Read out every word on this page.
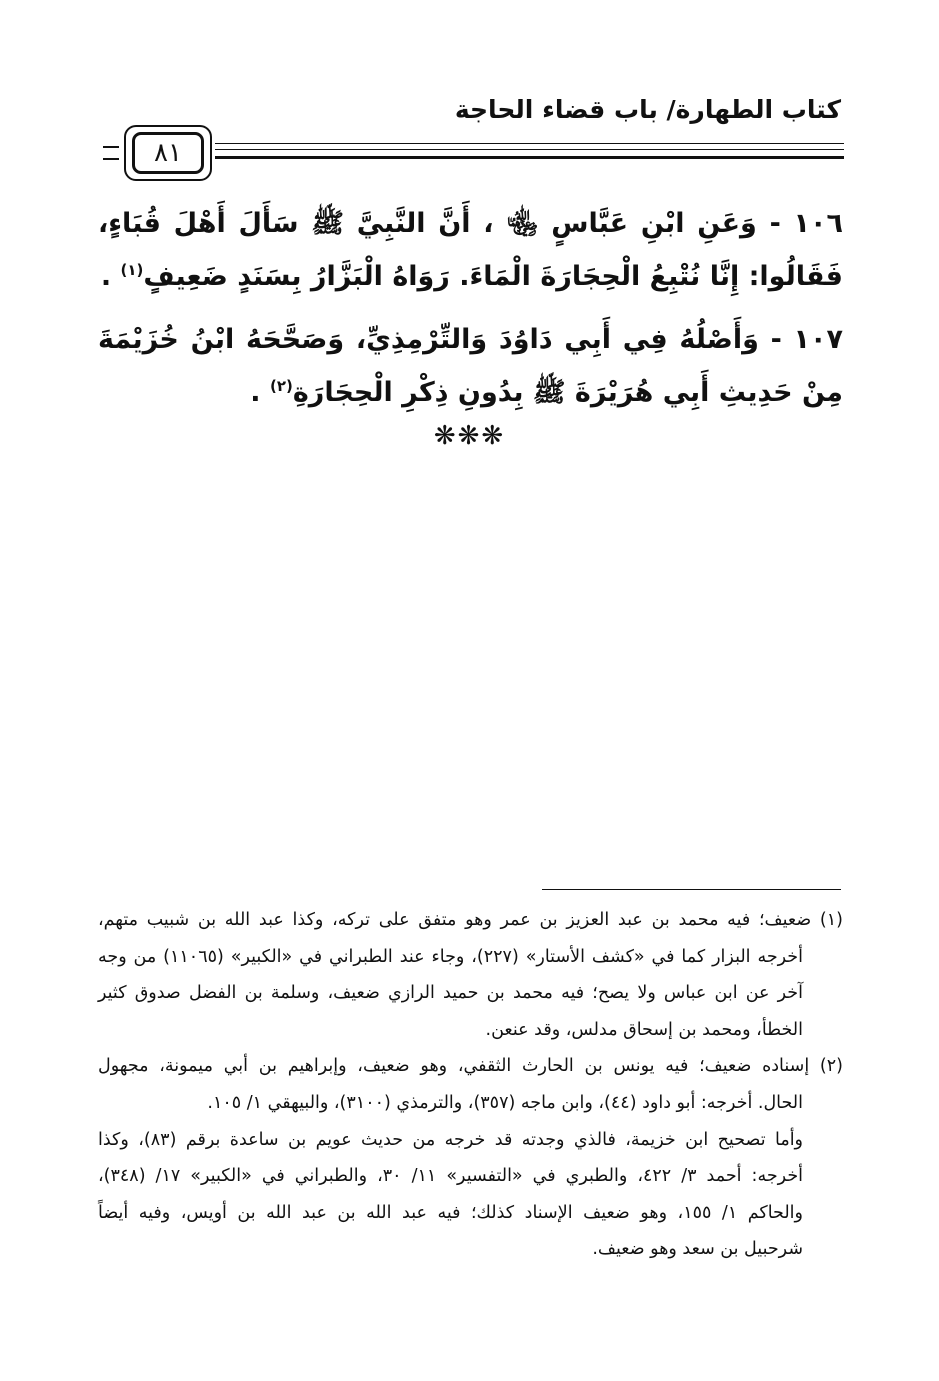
كتاب الطهارة/ باب قضاء الحاجة
٨١

١٠٦ - وَعَنِ ابْنِ عَبَّاسٍ ﵄ ، أَنَّ النَّبِيَّ ﷺ سَأَلَ أَهْلَ قُبَاءٍ، فَقَالُوا: إِنَّا نُتْبِعُ الْحِجَارَةَ الْمَاءَ. رَوَاهُ الْبَزَّارُ بِسَنَدٍ ضَعِيفٍ$^{(١)}$ .

١٠٧ - وَأَصْلُهُ فِي أَبِي دَاوُدَ وَالتِّرْمِذِيِّ، وَصَحَّحَهُ ابْنُ خُزَيْمَةَ مِنْ حَدِيثِ أَبِي هُرَيْرَةَ ﷺ بِدُونِ ذِكْرِ الْحِجَارَةِ$^{(٢)}$ .

❋❋❋
(١) ضعيف؛ فيه محمد بن عبد العزيز بن عمر وهو متفق على تركه، وكذا عبد الله بن شبيب متهم،
أخرجه البزار كما في «كشف الأستار» (٢٢٧)، وجاء عند الطبراني في «الكبير» (١١٠٦٥) من وجه
آخر عن ابن عباس ولا يصح؛ فيه محمد بن حميد الرازي ضعيف، وسلمة بن الفضل صدوق كثير
الخطأ، ومحمد بن إسحاق مدلس، وقد عنعن.
(٢) إسناده ضعيف؛ فيه يونس بن الحارث الثقفي، وهو ضعيف، وإبراهيم بن أبي ميمونة، مجهول
الحال. أخرجه: أبو داود (٤٤)، وابن ماجه (٣٥٧)، والترمذي (٣١٠٠)، والبيهقي ١/ ١٠٥.
وأما تصحيح ابن خزيمة، فالذي وجدته قد خرجه من حديث عويم بن ساعدة برقم (٨٣)، وكذا
أخرجه: أحمد ٣/ ٤٢٢، والطبري في «التفسير» ١١/ ٣٠، والطبراني في «الكبير» ١٧/ (٣٤٨)،
والحاكم ١/ ١٥٥، وهو ضعيف الإسناد كذلك؛ فيه عبد الله بن عبد الله بن أويس، وفيه أيضاً
شرحبيل بن سعد وهو ضعيف.
